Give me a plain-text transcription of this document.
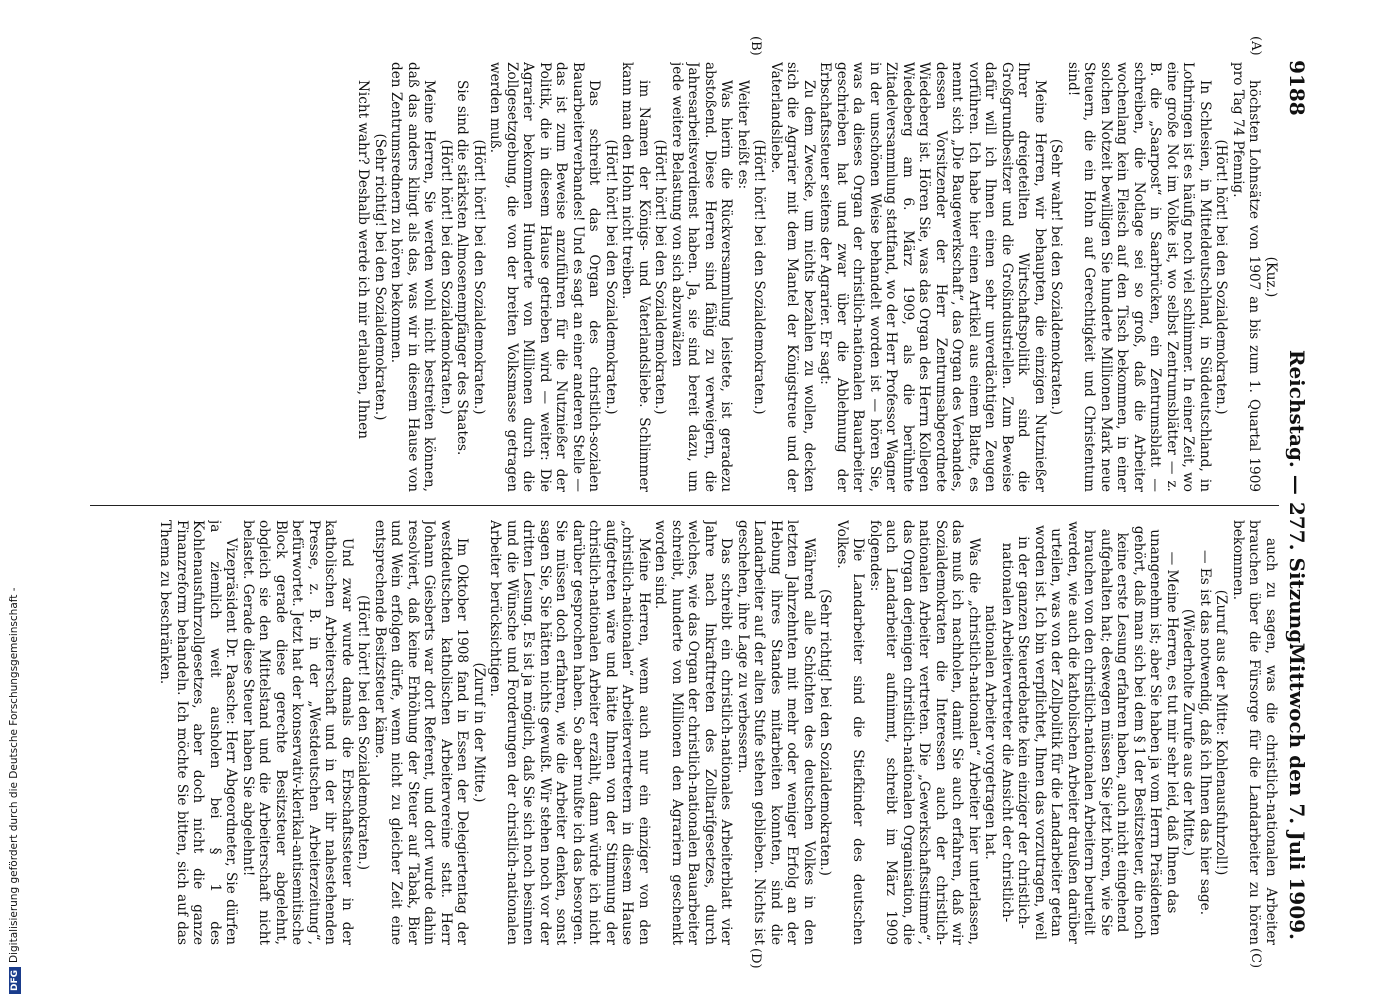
9188
Reichstag. — 277. Sitzung.
Mittwoch den 7. Juli 1909.
(A)
(B)
(C)
(D)

(Kuz.)

höchsten Lohnsätze von 1907 an bis zum 1. Quartal 1909 pro Tag 74 Pfennig.

(Hört! hört! bei den Sozialdemokraten.)

In Schlesien, in Mitteldeutschland, in Süddeutschland, in Lothringen ist es häufig noch viel schlimmer. In einer Zeit, wo eine große Not im Volke ist, wo selbst Zentrumsblätter — z. B. die „Saarpost“ in Saarbrücken, ein Zentrumsblatt — schreiben, die Notlage sei so groß, daß die Arbeiter wochenlang kein Fleisch auf den Tisch bekommen, in einer solchen Notzeit bewilligen Sie hunderte Millionen Mark neue Steuern, die ein Hohn auf Gerechtigkeit und Christentum sind!

(Sehr wahr! bei den Sozialdemokraten.)

Meine Herren, wir behaupten, die einzigen Nutznießer Ihrer dreigeteilten Wirtschaftspolitik sind die Großgrundbesitzer und die Großindustriellen. Zum Beweise dafür will ich Ihnen einen sehr unverdächtigen Zeugen vorführen. Ich habe hier einen Artikel aus einem Blatte, es nennt sich „Die Baugewerkschaft“, das Organ des Verbandes, dessen Vorsitzender der Herr Zentrumsabgeordnete Wiedeberg ist. Hören Sie, was das Organ des Herrn Kollegen Wiedeberg am 6. März 1909, als die berühmte Zitadelversammlung stattfand, wo der Herr Professor Wagner in der unschönen Weise behandelt worden ist — hören Sie, was da dieses Organ der christlich-nationalen Bauarbeiter geschrieben hat und zwar über die Ablehnung der Erbschaftssteuer seitens der Agrarier. Er sagt:

Zu dem Zwecke, um nichts bezahlen zu wollen, decken sich die Agrarier mit dem Mantel der Königstreue und der Vaterlandsliebe.

(Hört! hört! bei den Sozialdemokraten.)

Weiter heißt es:

Was hierin die Rückversammlung leistete, ist geradezu abstoßend. Diese Herren sind fähig zu verweigern, die Jahresarbeitsverdienst haben. Ja, sie sind bereit dazu, um jede weitere Belastung von sich abzuwälzen

(Hört! hört! bei den Sozialdemokraten.)

im Namen der Königs- und Vaterlandsliebe. Schlimmer kann man den Hohn nicht treiben.

(Hört! hört! bei den Sozialdemokraten.)

Das schreibt das Organ des christlich-sozialen Bauarbeiterverbandes! Und es sagt an einer anderen Stelle — das ist zum Beweise anzuführen für die Nutznießer der Politik, die in diesem Hause getrieben wird — weiter: Die Agrarier bekommen Hunderte von Millionen durch die Zollgesetzgebung, die von der breiten Volksmasse getragen werden muß.

(Hört! hört! bei den Sozialdemokraten.)

Sie sind die stärksten Almosenempfänger des Staates.

(Hört! hört! bei den Sozialdemokraten.)

Meine Herren, Sie werden wohl nicht bestreiten können, daß das anders klingt als das, was wir in diesem Hause von den Zentrumsrednern zu hören bekommen.

(Sehr richtig! bei den Sozialdemokraten.)

Nicht wahr? Deshalb werde ich mir erlauben, Ihnen

auch zu sagen, was die christlich-nationalen Arbeiter brauchen über die Fürsorge für die Landarbeiter zu hören bekommen.

(Zuruf aus der Mitte: Kohlenausfuhrzoll!)

— Es ist das notwendig, daß ich Ihnen das hier sage.

(Wiederholte Zurufe aus der Mitte.)

— Meine Herren, es tut mir sehr leid, daß Ihnen das unangenehm ist; aber Sie haben ja vom Herrn Präsidenten gehört, daß man sich bei dem § 1 der Besitzsteuer, die noch keine erste Lesung erfahren haben, auch nicht eingehend aufgehalten hat; deswegen müssen Sie jetzt hören, wie Sie brauchen von den christlich-nationalen Arbeitern beurteilt werden, wie auch die katholischen Arbeiter draußen darüber urteilen, was von der Zollpolitik für die Landarbeiter getan worden ist. Ich bin verpflichtet, Ihnen das vorzutragen, weil in der ganzen Steuerdebatte kein einziger der christlich-nationalen Arbeitervertreter die Ansicht der christlich-nationalen Arbeiter vorgetragen hat.

Was die „christlich-nationalen“ Arbeiter hier unterlassen, das muß ich nachholen, damit Sie auch erfahren, daß wir Sozialdemokraten die Interessen auch der christlich-nationalen Arbeiter vertreten. Die „Gewerkschaftsstimme“, das Organ derjenigen christlich-nationalen Organisation, die auch Landarbeiter aufnimmt, schreibt im März 1909 folgendes:

Die Landarbeiter sind die Stiefkinder des deutschen Volkes.

(Sehr richtig! bei den Sozialdemokraten.)

Während alle Schichten des deutschen Volkes in den letzten Jahrzehnten mit mehr oder weniger Erfolg an der Hebung ihres Standes mitarbeiten konnten, sind die Landarbeiter auf der alten Stufe stehen geblieben. Nichts ist geschehen, ihre Lage zu verbessern.

Das schreibt ein christlich-nationales Arbeiterblatt vier Jahre nach Inkrafttreten des Zolltarifgesetzes, durch welches, wie das Organ der christlich-nationalen Bauarbeiter schreibt, hunderte von Millionen den Agrariern geschenkt worden sind.

Meine Herren, wenn auch nur ein einziger von den „christlich-nationalen“ Arbeitervertretern in diesem Hause aufgetreten wäre und hätte Ihnen von der Stimmung der christlich-nationalen Arbeiter erzählt, dann würde ich nicht darüber gesprochen haben. So aber mußte ich das besorgen. Sie müssen doch erfahren, wie die Arbeiter denken, sonst sagen Sie, Sie hätten nichts gewußt. Wir stehen noch vor der dritten Lesung. Es ist ja möglich, daß Sie sich noch besinnen und die Wünsche und Forderungen der christlich-nationalen Arbeiter berücksichtigen.

(Zuruf in der Mitte.)

Im Oktober 1908 fand in Essen der Delegiertentag der westdeutschen katholischen Arbeitervereine statt. Herr Johann Giesberts war dort Referent, und dort wurde dahin resolviert, daß keine Erhöhung der Steuer auf Tabak, Bier und Wein erfolgen dürfe, wenn nicht zu gleicher Zeit eine entsprechende Besitzsteuer käme.

(Hört! hört! bei den Sozialdemokraten.)

Und zwar wurde damals die Erbschaftssteuer in der katholischen Arbeiterschaft und in der ihr nahestehenden Presse, z. B. in der „Westdeutschen Arbeiterzeitung“, befürwortet. Jetzt hat der konservativ-klerikal-antisemitische Block gerade diese gerechte Besitzsteuer abgelehnt, obgleich sie den Mittelstand und die Arbeiterschaft nicht belastet. Gerade diese Steuer haben Sie abgelehnt!

Vizepräsident Dr. Paasche: Herr Abgeordneter, Sie dürfen ja ziemlich weit ausholen bei § 1 des Kohlenausfuhrzollgesetzes, aber doch nicht die ganze Finanzreform behandeln. Ich möchte Sie bitten, sich auf das Thema zu beschränken.

DFGDigitalisierung gefördert durch die Deutsche Forschungsgemeinschaft -
